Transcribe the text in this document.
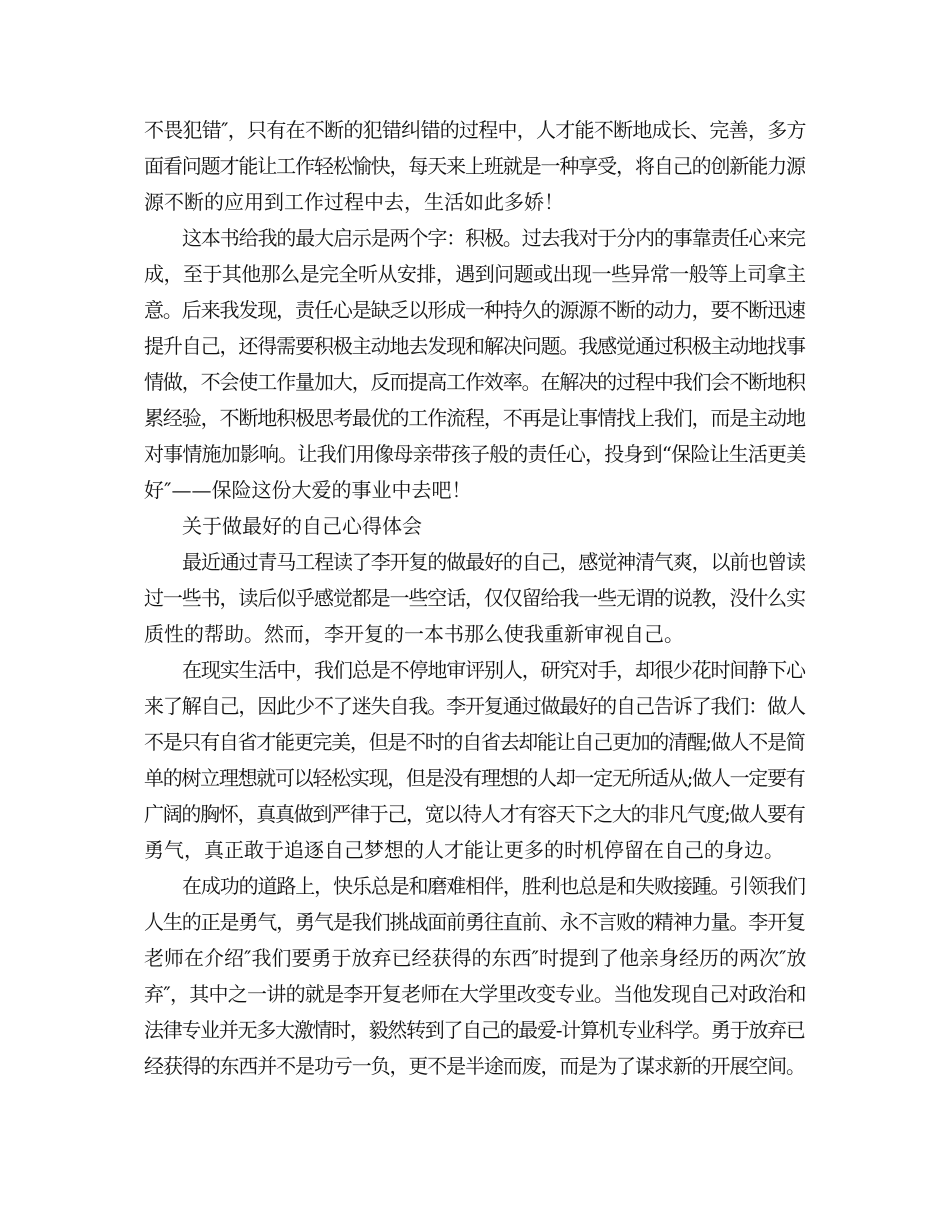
不畏犯错″，只有在不断的犯错纠错的过程中，人才能不断地成长、完善，多方
面看问题才能让工作轻松愉快，每天来上班就是一种享受，将自己的创新能力源
源不断的应用到工作过程中去，生活如此多娇！
这本书给我的最大启示是两个字：积极。过去我对于分内的事靠责任心来完
成，至于其他那么是完全听从安排，遇到问题或出现一些异常一般等上司拿主
意。后来我发现，责任心是缺乏以形成一种持久的源源不断的动力，要不断迅速
提升自己，还得需要积极主动地去发现和解决问题。我感觉通过积极主动地找事
情做，不会使工作量加大，反而提高工作效率。在解决的过程中我们会不断地积
累经验，不断地积极思考最优的工作流程，不再是让事情找上我们，而是主动地
对事情施加影响。让我们用像母亲带孩子般的责任心，投身到“保险让生活更美
好″——保险这份大爱的事业中去吧！
关于做最好的自己心得体会
最近通过青马工程读了李开复的做最好的自己，感觉神清气爽，以前也曾读
过一些书，读后似乎感觉都是一些空话，仅仅留给我一些无谓的说教，没什么实
质性的帮助。然而，李开复的一本书那么使我重新审视自己。
在现实生活中，我们总是不停地审评别人，研究对手，却很少花时间静下心
来了解自己，因此少不了迷失自我。李开复通过做最好的自己告诉了我们：做人
不是只有自省才能更完美，但是不时的自省去却能让自己更加的清醒;做人不是简
单的树立理想就可以轻松实现，但是没有理想的人却一定无所适从;做人一定要有
广阔的胸怀，真真做到严律于己，宽以待人才有容天下之大的非凡气度;做人要有
勇气，真正敢于追逐自己梦想的人才能让更多的时机停留在自己的身边。
在成功的道路上，快乐总是和磨难相伴，胜利也总是和失败接踵。引领我们
人生的正是勇气，勇气是我们挑战面前勇往直前、永不言败的精神力量。李开复
老师在介绍″我们要勇于放弃已经获得的东西″时提到了他亲身经历的两次″放
弃″，其中之一讲的就是李开复老师在大学里改变专业。当他发现自己对政治和
法律专业并无多大激情时，毅然转到了自己的最爱-计算机专业科学。勇于放弃已
经获得的东西并不是功亏一负，更不是半途而废，而是为了谋求新的开展空间。
